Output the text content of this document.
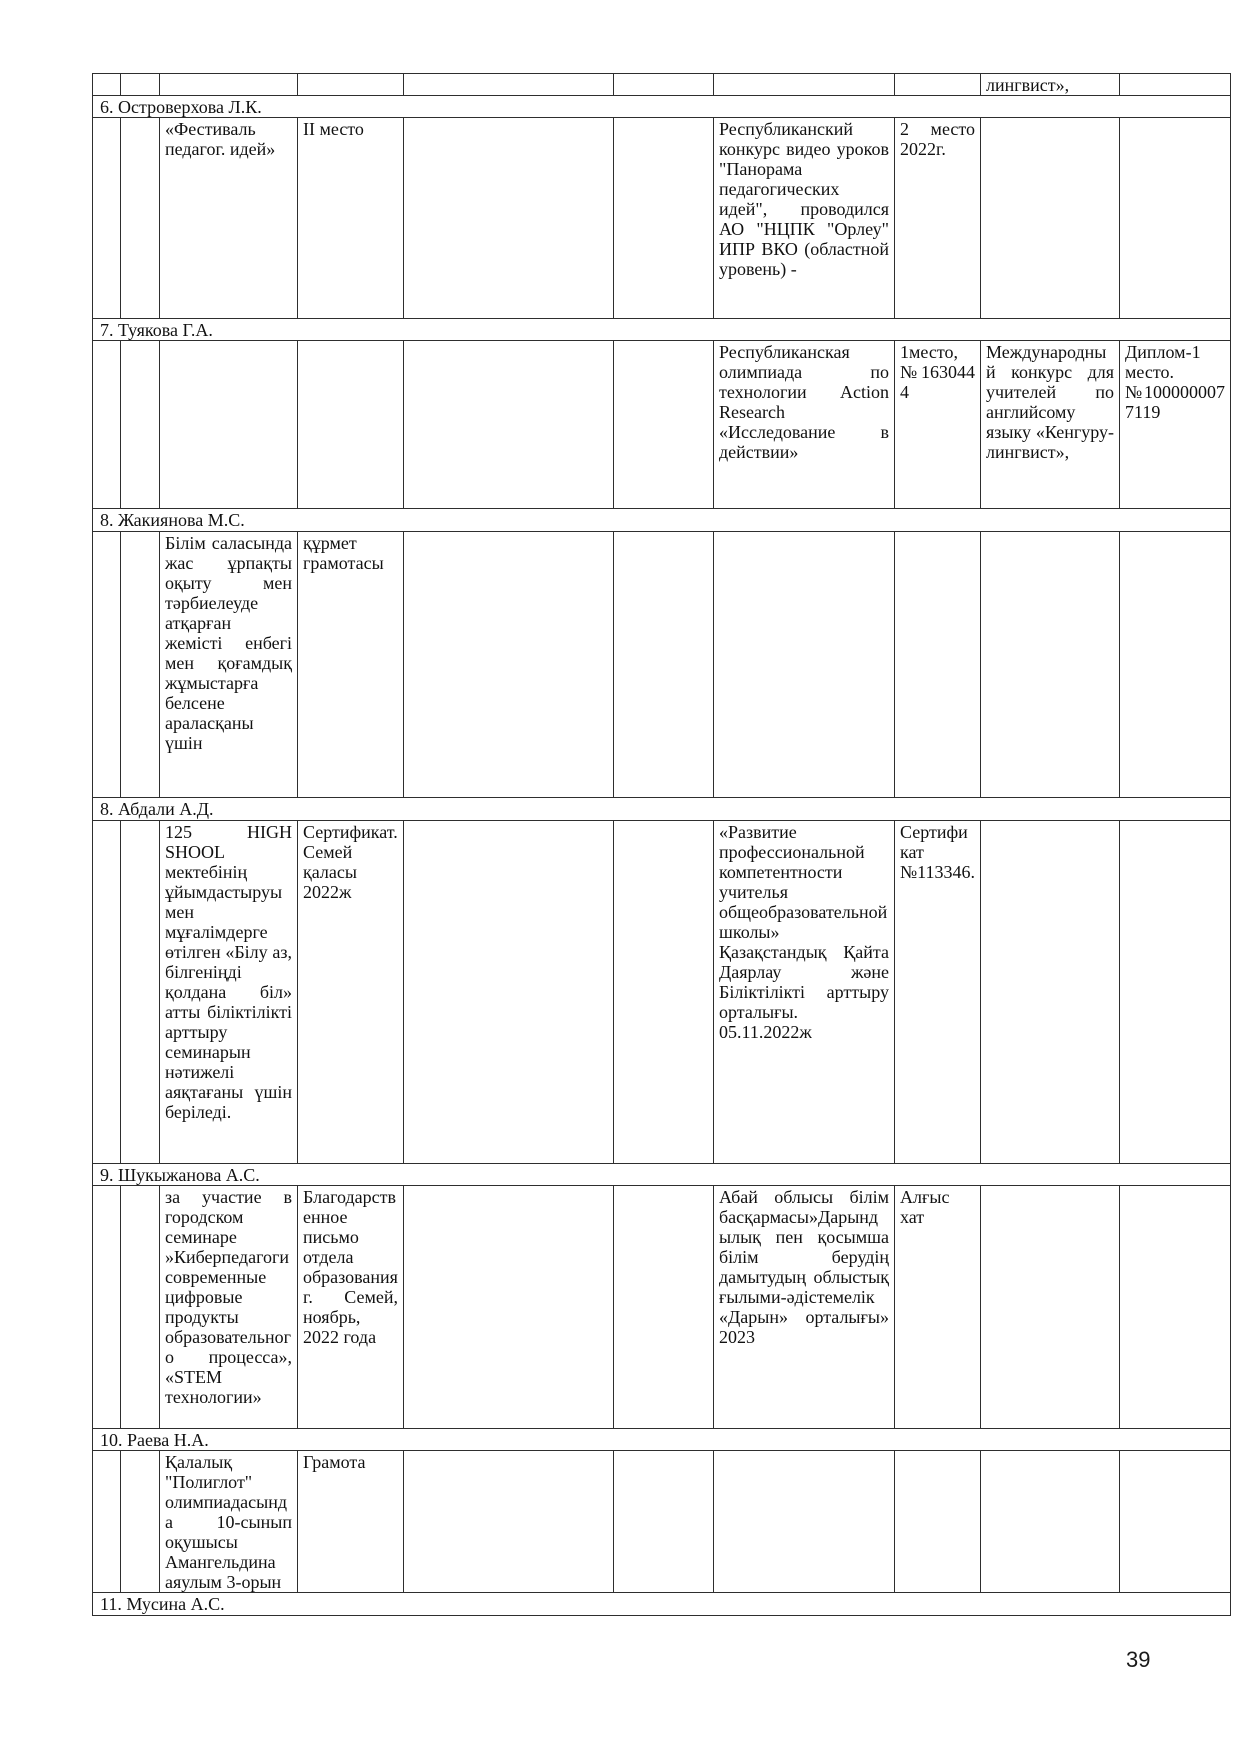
								лингвист»,	
6. Островерхова Л.К.									
		«Фестиваль педагог. идей»	II место			Республиканский конкурс видео уроков "Панорама педагогических идей", проводился АО "НЦПК "Орлеу" ИПР ВКО (областной уровень) -	2 место 2022г.		
7. Туякова Г.А.									
						Республиканская олимпиада по технологии Action Research «Исследование в действии»	1место, №1630444	Международный конкурс для учителей по английсому языку «Кенгуру-лингвист»,	Диплом-1 место. №1000000077119
8. Жакиянова М.С.									
		Білім саласында жас ұрпақты оқыту мен тәрбиелеуде атқарған жемісті енбегі мен қоғамдық жұмыстарға белсене араласқаны үшін	құрмет грамотасы						
8. Абдали А.Д.									
		125 HIGH SHOOL мектебінің ұйымдастыруы мен мұғалімдерге өтілген «Білу аз, білгеніңді қолдана біл» атты біліктілікті арттыру семинарын нәтижелі аяқтағаны үшін беріледі.	Сертификат. Семей қаласы 2022ж			«Развитие профессиональной компетентности учителья общеобразовательной школы» Қазақстандық Қайта Даярлау және Біліктілікті арттыру орталығы. 05.11.2022ж	Сертификат №113346.		
9. Шукыжанова А.С.									
		за участие в городском семинаре »Киберпедагоги современные цифровые продукты образовательного процесса», «STEM технологии»	Благодарственное письмо отдела образования г. Семей, ноябрь, 2022 года			Абай облысы білім басқармасы»Дарындылық пен қосымша білім берудің дамытудың облыстық ғылыми-әдістемелік «Дарын» орталығы» 2023	Алғыс хат		
10. Раева Н.А.									
		Қалалық "Полиглот" олимпиадасында 10-сынып оқушысы Амангельдина аяулым 3-орын	Грамота						
11. Мусина А.С.									
39
